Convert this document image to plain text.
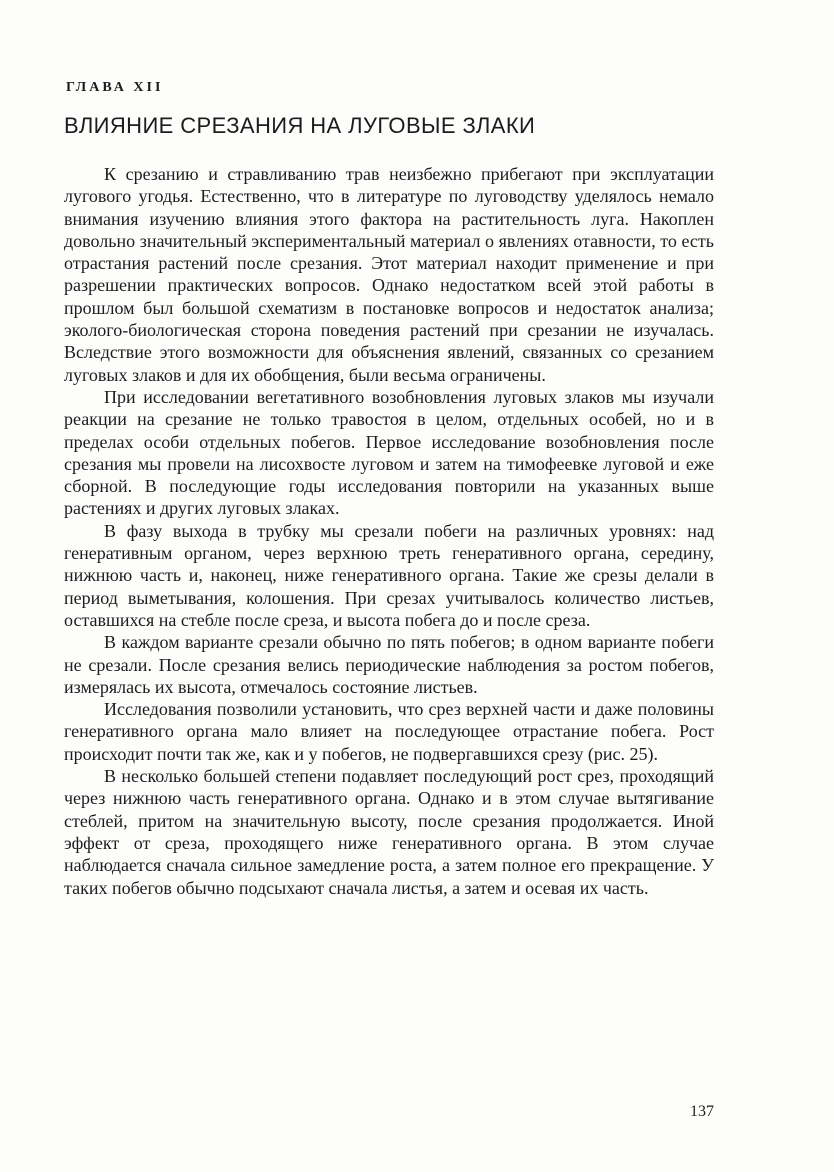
ГЛАВА XII
ВЛИЯНИЕ СРЕЗАНИЯ НА ЛУГОВЫЕ ЗЛАКИ

К срезанию и стравливанию трав неизбежно прибегают при эксплуатации лугового угодья. Естественно, что в литературе по луговодству уделялось немало внимания изучению влияния этого фактора на растительность луга. Накоплен довольно значительный экспериментальный материал о явлениях отавности, то есть отрастания растений после срезания. Этот материал находит применение и при разрешении практических вопросов. Однако недостатком всей этой работы в прошлом был большой схематизм в постановке вопросов и недостаток анализа; эколого-биологическая сторона поведения растений при срезании не изучалась. Вследствие этого возможности для объяснения явлений, связанных со срезанием луговых злаков и для их обобщения, были весьма ограничены.

При исследовании вегетативного возобновления луговых злаков мы изучали реакции на срезание не только травостоя в целом, отдельных особей, но и в пределах особи отдельных побегов. Первое исследование возобновления после срезания мы провели на лисохвосте луговом и затем на тимофеевке луговой и еже сборной. В последующие годы исследования повторили на указанных выше растениях и других луговых злаках.

В фазу выхода в трубку мы срезали побеги на различных уровнях: над генеративным органом, через верхнюю треть генеративного органа, середину, нижнюю часть и, наконец, ниже генеративного органа. Такие же срезы делали в период выметывания, колошения. При срезах учитывалось количество листьев, оставшихся на стебле после среза, и высота побега до и после среза.

В каждом варианте срезали обычно по пять побегов; в одном варианте побеги не срезали. После срезания велись периодические наблюдения за ростом побегов, измерялась их высота, отмечалось состояние листьев.

Исследования позволили установить, что срез верхней части и даже половины генеративного органа мало влияет на последующее отрастание побега. Рост происходит почти так же, как и у побегов, не подвергавшихся срезу (рис. 25).

В несколько большей степени подавляет последующий рост срез, проходящий через нижнюю часть генеративного органа. Однако и в этом случае вытягивание стеблей, притом на значительную высоту, после срезания продолжается. Иной эффект от среза, проходящего ниже генеративного органа. В этом случае наблюдается сначала сильное замедление роста, а затем полное его прекращение. У таких побегов обычно подсыхают сначала листья, а затем и осевая их часть.

137
